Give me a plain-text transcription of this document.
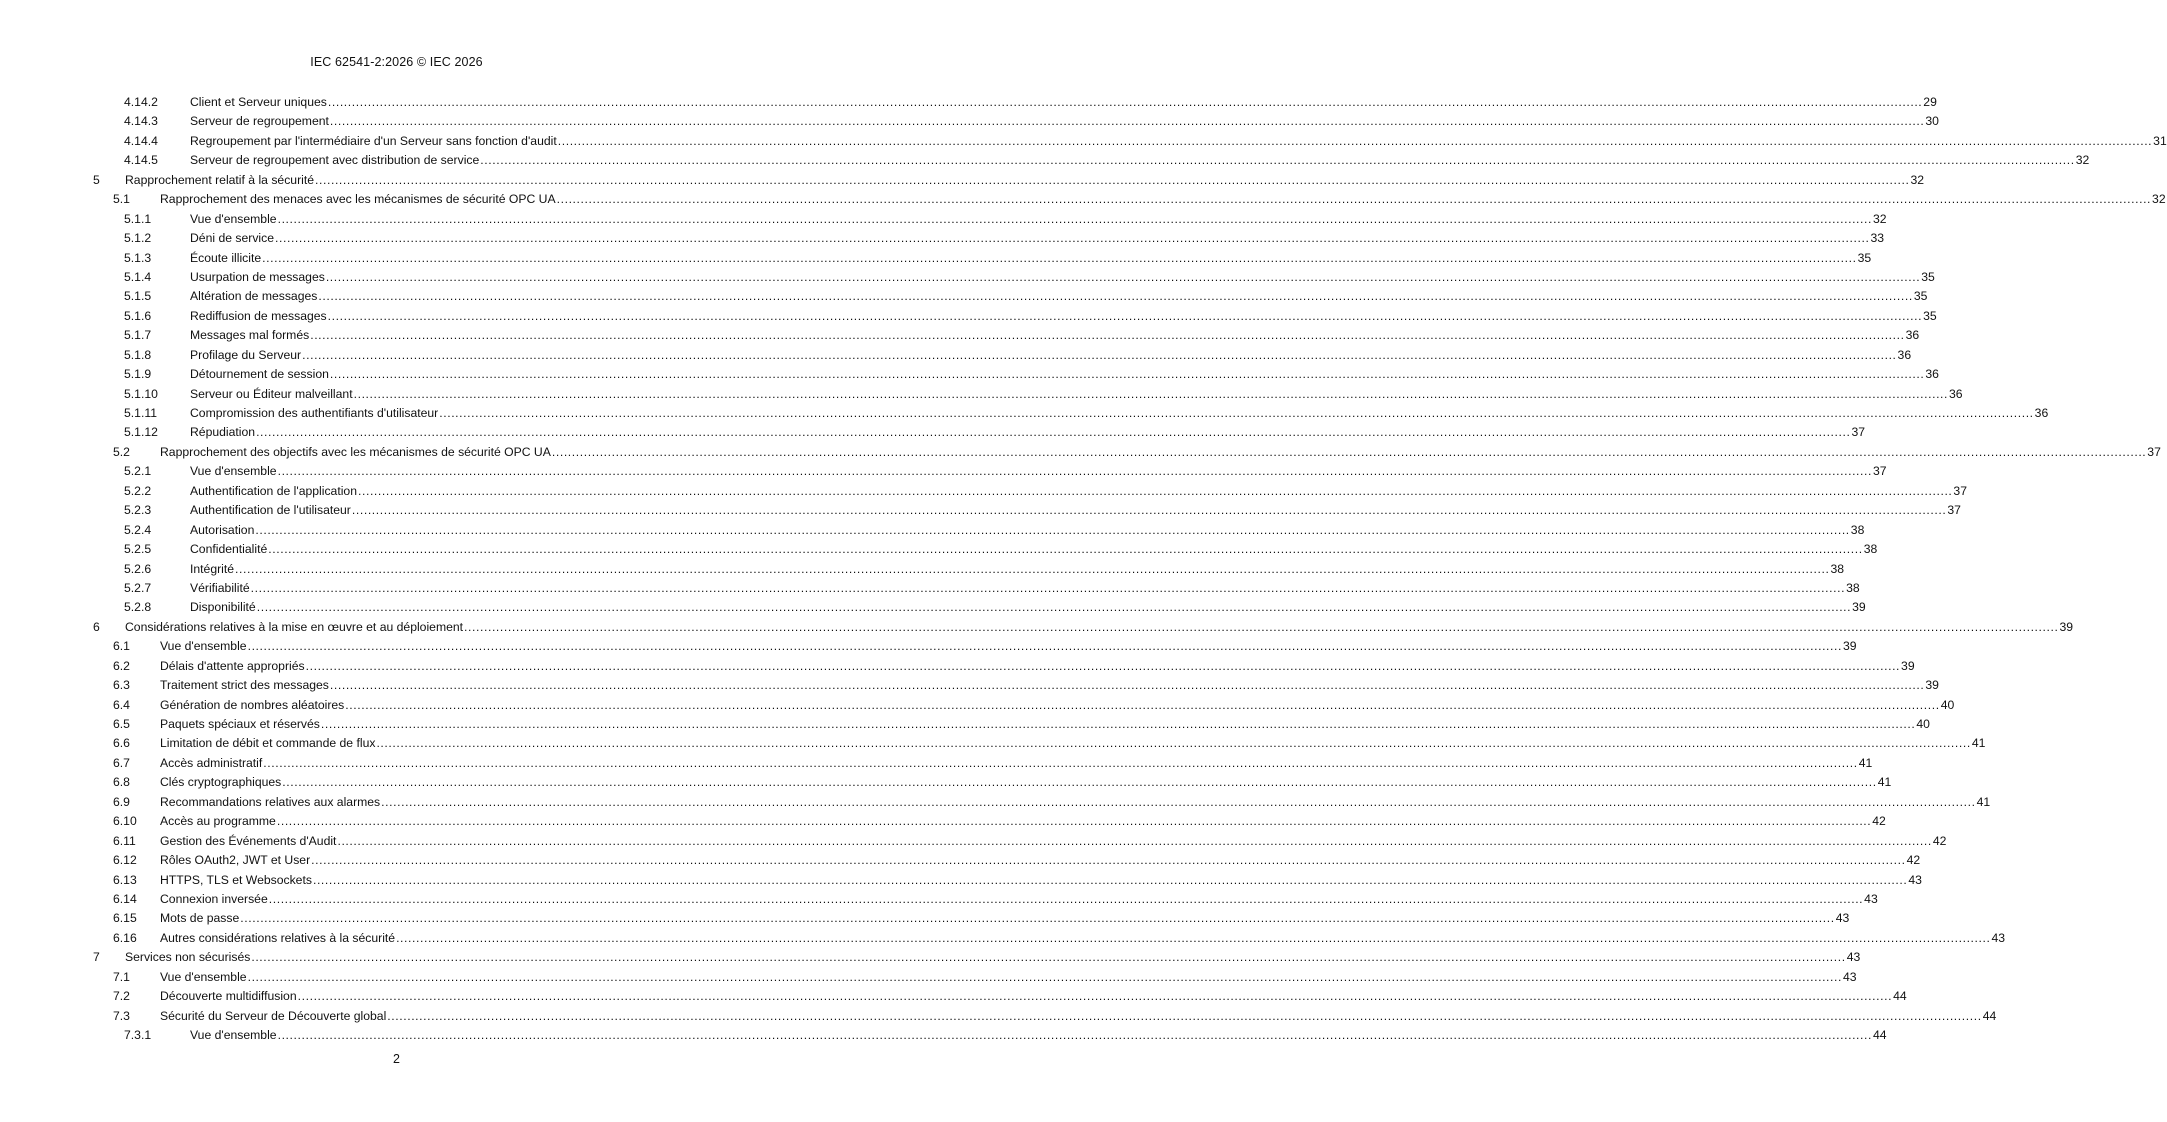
IEC 62541-2:2026 © IEC 2026
4.14.2	Client et Serveur uniques ................................................................................................................................................................................................................................................................................................................................................................................................................ 29
4.14.3	Serveur de regroupement ................................................................................................................................................................................................................................................................................................................................................................................................................ 30
4.14.4	Regroupement par l'intermédiaire d'un Serveur sans fonction d'audit ................................................................................................................................................................................................................................................................................................................................................................................................................ 31
4.14.5	Serveur de regroupement avec distribution de service ................................................................................................................................................................................................................................................................................................................................................................................................................ 32
5 Rapprochement relatif à la sécurité ................................................................................................................................................................................................................................................................................................................................................................................................................ 32
5.1 Rapprochement des menaces avec les mécanismes de sécurité OPC UA ................................................................................................................................................................................................................................................................................................................................................................................................................ 32
5.1.1	Vue d'ensemble ................................................................................................................................................................................................................................................................................................................................................................................................................ 32
5.1.2	Déni de service ................................................................................................................................................................................................................................................................................................................................................................................................................ 33
5.1.3	Écoute illicite ................................................................................................................................................................................................................................................................................................................................................................................................................ 35
5.1.4	Usurpation de messages ................................................................................................................................................................................................................................................................................................................................................................................................................ 35
5.1.5	Altération de messages ................................................................................................................................................................................................................................................................................................................................................................................................................ 35
5.1.6	Rediffusion de messages ................................................................................................................................................................................................................................................................................................................................................................................................................ 35
5.1.7	Messages mal formés ................................................................................................................................................................................................................................................................................................................................................................................................................ 36
5.1.8	Profilage du Serveur ................................................................................................................................................................................................................................................................................................................................................................................................................ 36
5.1.9	Détournement de session ................................................................................................................................................................................................................................................................................................................................................................................................................ 36
5.1.10	Serveur ou Éditeur malveillant ................................................................................................................................................................................................................................................................................................................................................................................................................ 36
5.1.11	Compromission des authentifiants d'utilisateur ................................................................................................................................................................................................................................................................................................................................................................................................................ 36
5.1.12	Répudiation ................................................................................................................................................................................................................................................................................................................................................................................................................ 37
5.2 Rapprochement des objectifs avec les mécanismes de sécurité OPC UA ................................................................................................................................................................................................................................................................................................................................................................................................................ 37
5.2.1	Vue d'ensemble ................................................................................................................................................................................................................................................................................................................................................................................................................ 37
5.2.2	Authentification de l'application ................................................................................................................................................................................................................................................................................................................................................................................................................ 37
5.2.3	Authentification de l'utilisateur ................................................................................................................................................................................................................................................................................................................................................................................................................ 37
5.2.4	Autorisation ................................................................................................................................................................................................................................................................................................................................................................................................................ 38
5.2.5	Confidentialité ................................................................................................................................................................................................................................................................................................................................................................................................................ 38
5.2.6	Intégrité ................................................................................................................................................................................................................................................................................................................................................................................................................ 38
5.2.7	Vérifiabilité ................................................................................................................................................................................................................................................................................................................................................................................................................ 38
5.2.8	Disponibilité ................................................................................................................................................................................................................................................................................................................................................................................................................ 39
6 Considérations relatives à la mise en œuvre et au déploiement ................................................................................................................................................................................................................................................................................................................................................................................................................ 39
6.1 Vue d'ensemble ................................................................................................................................................................................................................................................................................................................................................................................................................ 39
6.2 Délais d'attente appropriés ................................................................................................................................................................................................................................................................................................................................................................................................................ 39
6.3 Traitement strict des messages ................................................................................................................................................................................................................................................................................................................................................................................................................ 39
6.4 Génération de nombres aléatoires ................................................................................................................................................................................................................................................................................................................................................................................................................ 40
6.5 Paquets spéciaux et réservés ................................................................................................................................................................................................................................................................................................................................................................................................................ 40
6.6 Limitation de débit et commande de flux ................................................................................................................................................................................................................................................................................................................................................................................................................ 41
6.7 Accès administratif ................................................................................................................................................................................................................................................................................................................................................................................................................ 41
6.8 Clés cryptographiques ................................................................................................................................................................................................................................................................................................................................................................................................................ 41
6.9 Recommandations relatives aux alarmes ................................................................................................................................................................................................................................................................................................................................................................................................................ 41
6.10 Accès au programme ................................................................................................................................................................................................................................................................................................................................................................................................................ 42
6.11 Gestion des Événements d'Audit ................................................................................................................................................................................................................................................................................................................................................................................................................ 42
6.12 Rôles OAuth2, JWT et User ................................................................................................................................................................................................................................................................................................................................................................................................................ 42
6.13 HTTPS, TLS et Websockets ................................................................................................................................................................................................................................................................................................................................................................................................................ 43
6.14 Connexion inversée ................................................................................................................................................................................................................................................................................................................................................................................................................ 43
6.15 Mots de passe ................................................................................................................................................................................................................................................................................................................................................................................................................ 43
6.16 Autres considérations relatives à la sécurité ................................................................................................................................................................................................................................................................................................................................................................................................................ 43
7 Services non sécurisés ................................................................................................................................................................................................................................................................................................................................................................................................................ 43
7.1 Vue d'ensemble ................................................................................................................................................................................................................................................................................................................................................................................................................ 43
7.2 Découverte multidiffusion ................................................................................................................................................................................................................................................................................................................................................................................................................ 44
7.3 Sécurité du Serveur de Découverte global ................................................................................................................................................................................................................................................................................................................................................................................................................ 44
7.3.1	Vue d'ensemble ................................................................................................................................................................................................................................................................................................................................................................................................................ 44
2
